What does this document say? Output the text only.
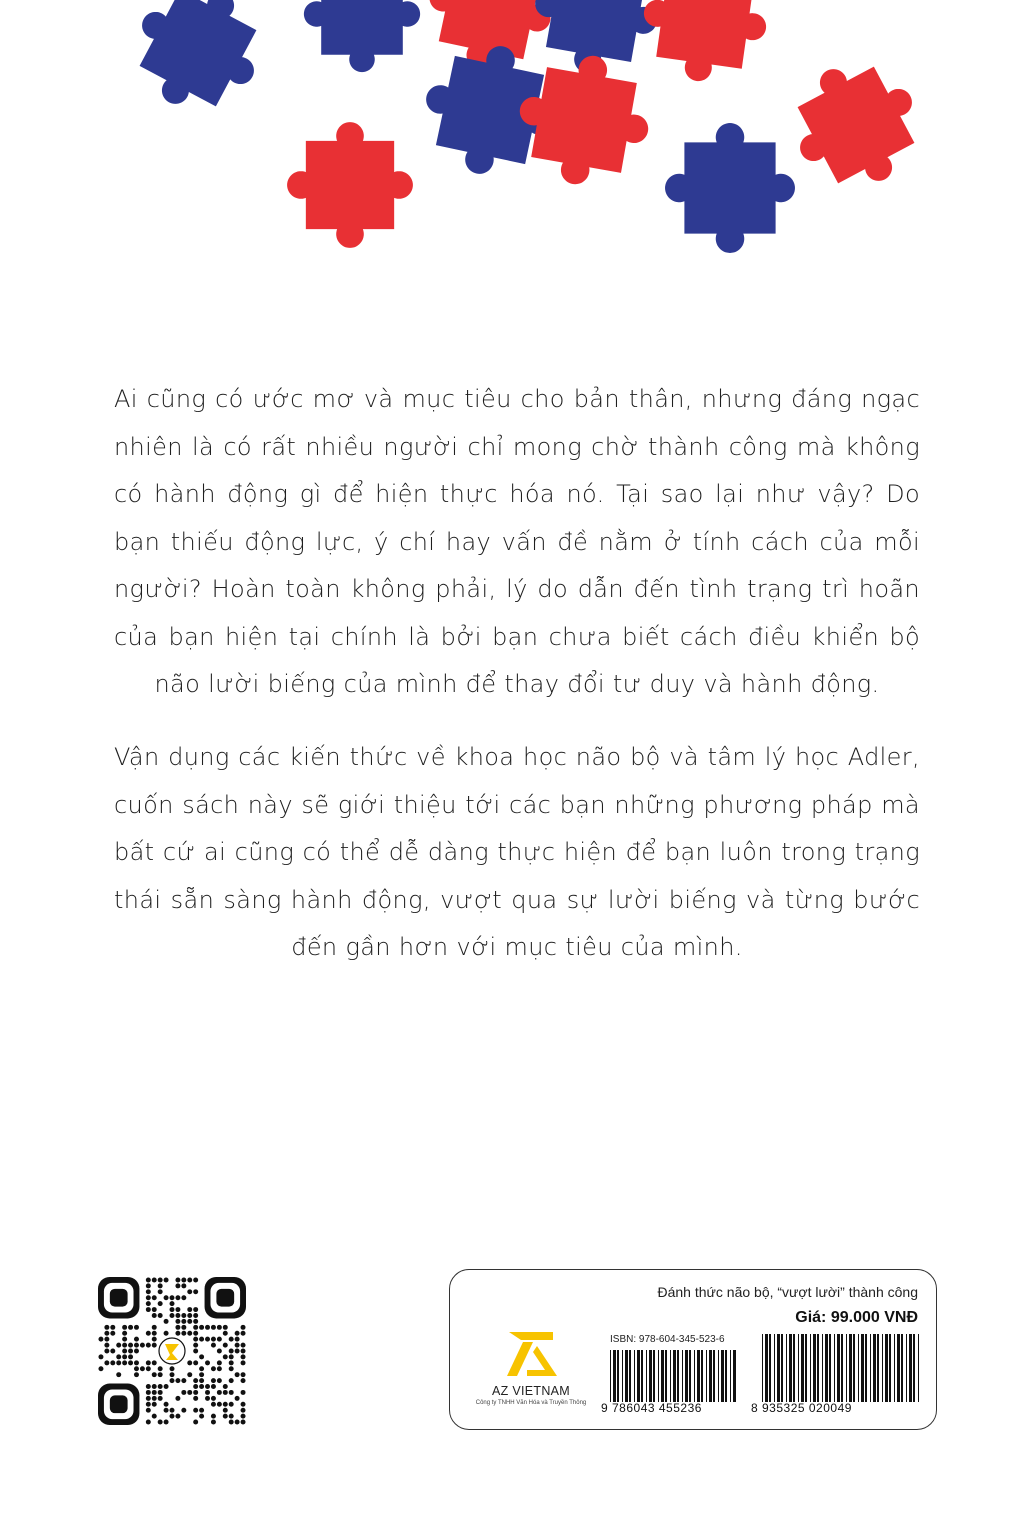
Ai cũng có ước mơ và mục tiêu cho bản thân, nhưng đáng ngạc nhiên là có rất nhiều người chỉ mong chờ thành công mà không có hành động gì để hiện thực hóa nó. Tại sao lại như vậy? Do bạn thiếu động lực, ý chí hay vấn đề nằm ở tính cách của mỗi người? Hoàn toàn không phải, lý do dẫn đến tình trạng trì hoãn của bạn hiện tại chính là bởi bạn chưa biết cách điều khiển bộ não lười biếng của mình để thay đổi tư duy và hành động.

Vận dụng các kiến thức về khoa học não bộ và tâm lý học Adler, cuốn sách này sẽ giới thiệu tới các bạn những phương pháp mà bất cứ ai cũng có thể dễ dàng thực hiện để bạn luôn trong trạng thái sẵn sàng hành động, vượt qua sự lười biếng và từng bước đến gần hơn với mục tiêu của mình.

Đánh thức não bộ, “vượt lười” thành công
Giá: 99.000 VNĐ
AZ VIETNAM
Công ty TNHH Văn Hóa và Truyền Thông
ISBN: 978-604-345-523-6
9 786043 455236	8 935325 020049
